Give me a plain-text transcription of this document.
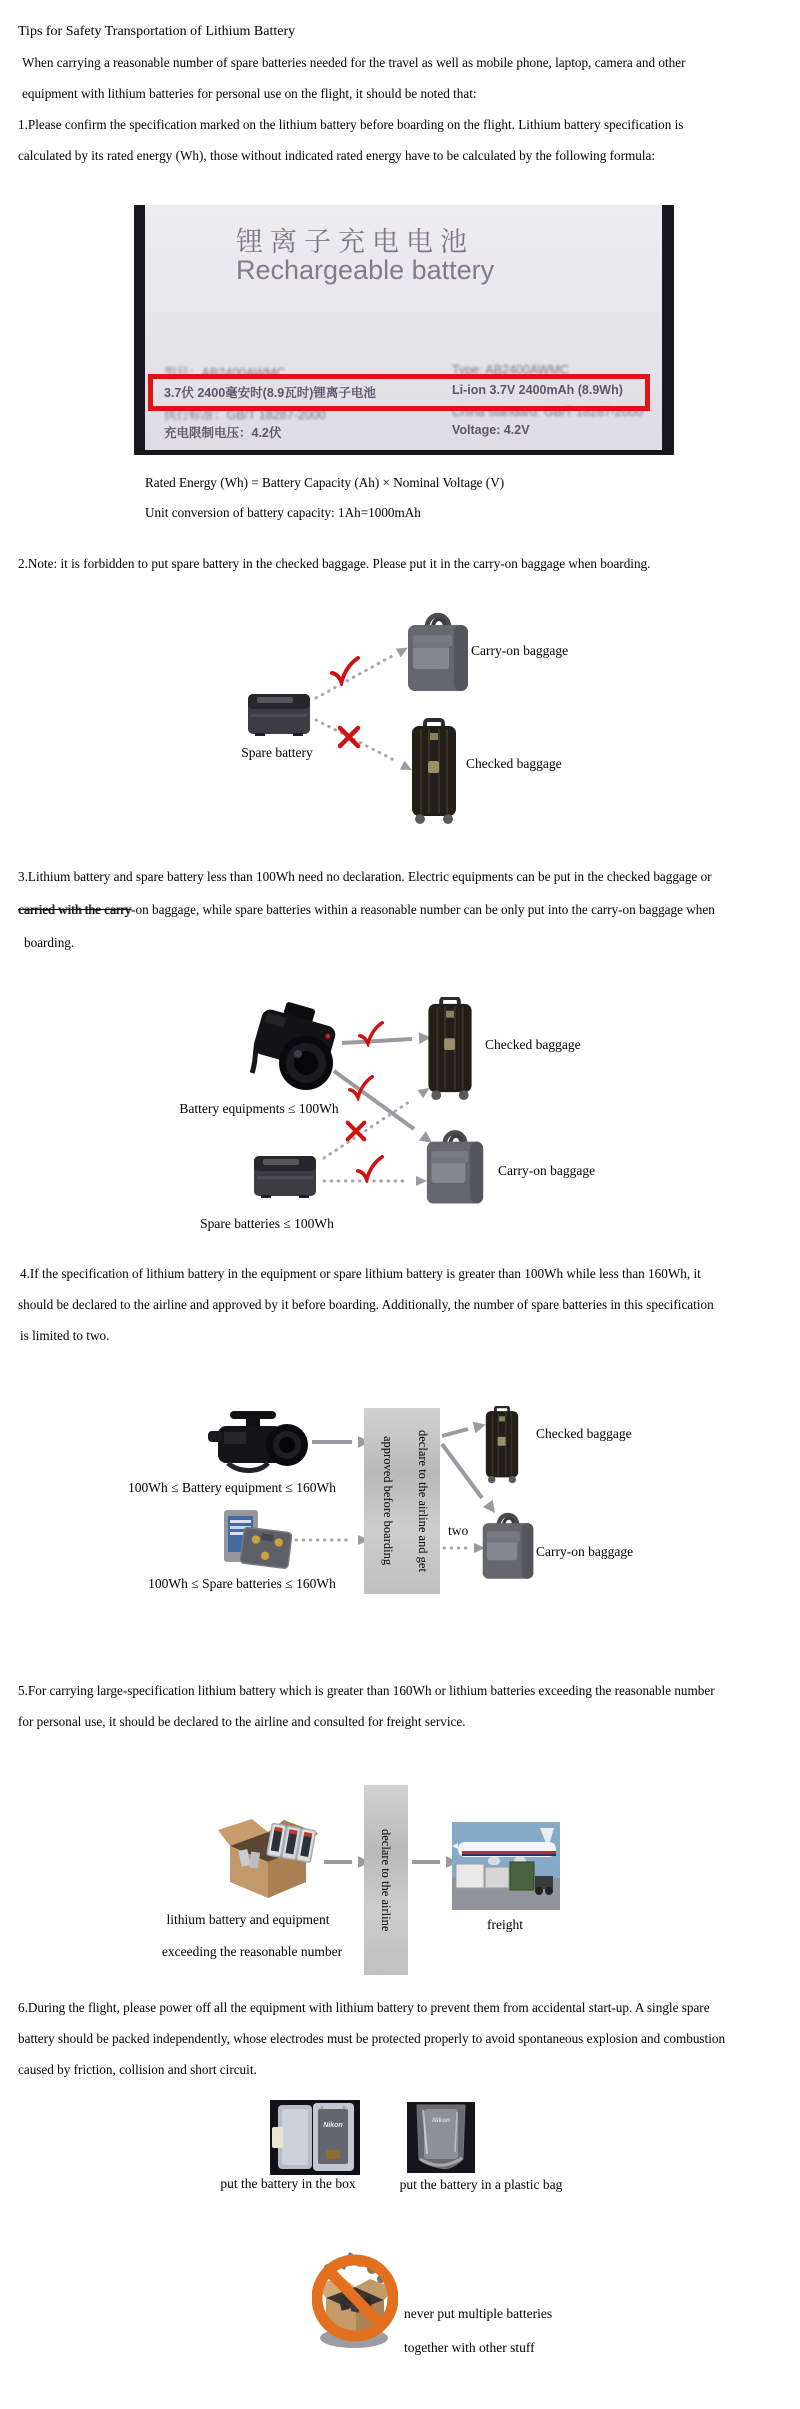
Tips for Safety Transportation of Lithium Battery
When carrying a reasonable number of spare batteries needed for the travel as well as mobile phone, laptop, camera and other
equipment with lithium batteries for personal use on the flight, it should be noted that:
1.Please confirm the specification marked on the lithium battery before boarding on the flight. Lithium battery specification is
calculated by its rated energy (Wh), those without indicated rated energy have to be calculated by the following formula:
锂离子充电电池
Rechargeable battery
型号：AB2400AWMC	Type: AB2400AWMC
3.7伏 2400毫安时(8.9瓦时)锂离子电池	Li-ion 3.7V 2400mAh (8.9Wh)
执行标准：GB/T 18287-2000	China standard: GB/T 18287-2000
充电限制电压：4.2伏	Voltage: 4.2V
Rated Energy (Wh) = Battery Capacity (Ah) × Nominal Voltage (V)
Unit conversion of battery capacity: 1Ah=1000mAh
2.Note: it is forbidden to put spare battery in the checked baggage. Please put it in the carry-on baggage when boarding.
Spare battery
Carry-on baggage
Checked baggage
3.Lithium battery and spare battery less than 100Wh need no declaration. Electric equipments can be put in the checked baggage or
carried with the carry-on baggage, while spare batteries within a reasonable number can be only put into the carry-on baggage when
boarding.
Battery equipments ≤ 100Wh
Spare batteries ≤ 100Wh
Checked baggage
Carry-on baggage
4.If the specification of lithium battery in the equipment or spare lithium battery is greater than 100Wh while less than 160Wh, it
should be declared to the airline and approved by it before boarding. Additionally, the number of spare batteries in this specification
is limited to two.
declare to the airline and get
approved before boarding
100Wh ≤ Battery equipment ≤ 160Wh
100Wh ≤ Spare batteries ≤ 160Wh
two
Checked baggage
Carry-on baggage
5.For carrying large-specification lithium battery which is greater than 160Wh or lithium batteries exceeding the reasonable number
for personal use, it should be declared to the airline and consulted for freight service.
declare to the airline
lithium battery and equipment
exceeding the reasonable number
freight
6.During the flight, please power off all the equipment with lithium battery to prevent them from accidental start-up. A single spare
battery should be packed independently, whose electrodes must be protected properly to avoid spontaneous explosion and combustion
caused by friction, collision and short circuit.
put the battery in the box	put the battery in a plastic bag
never put multiple batteries
together with other stuff
